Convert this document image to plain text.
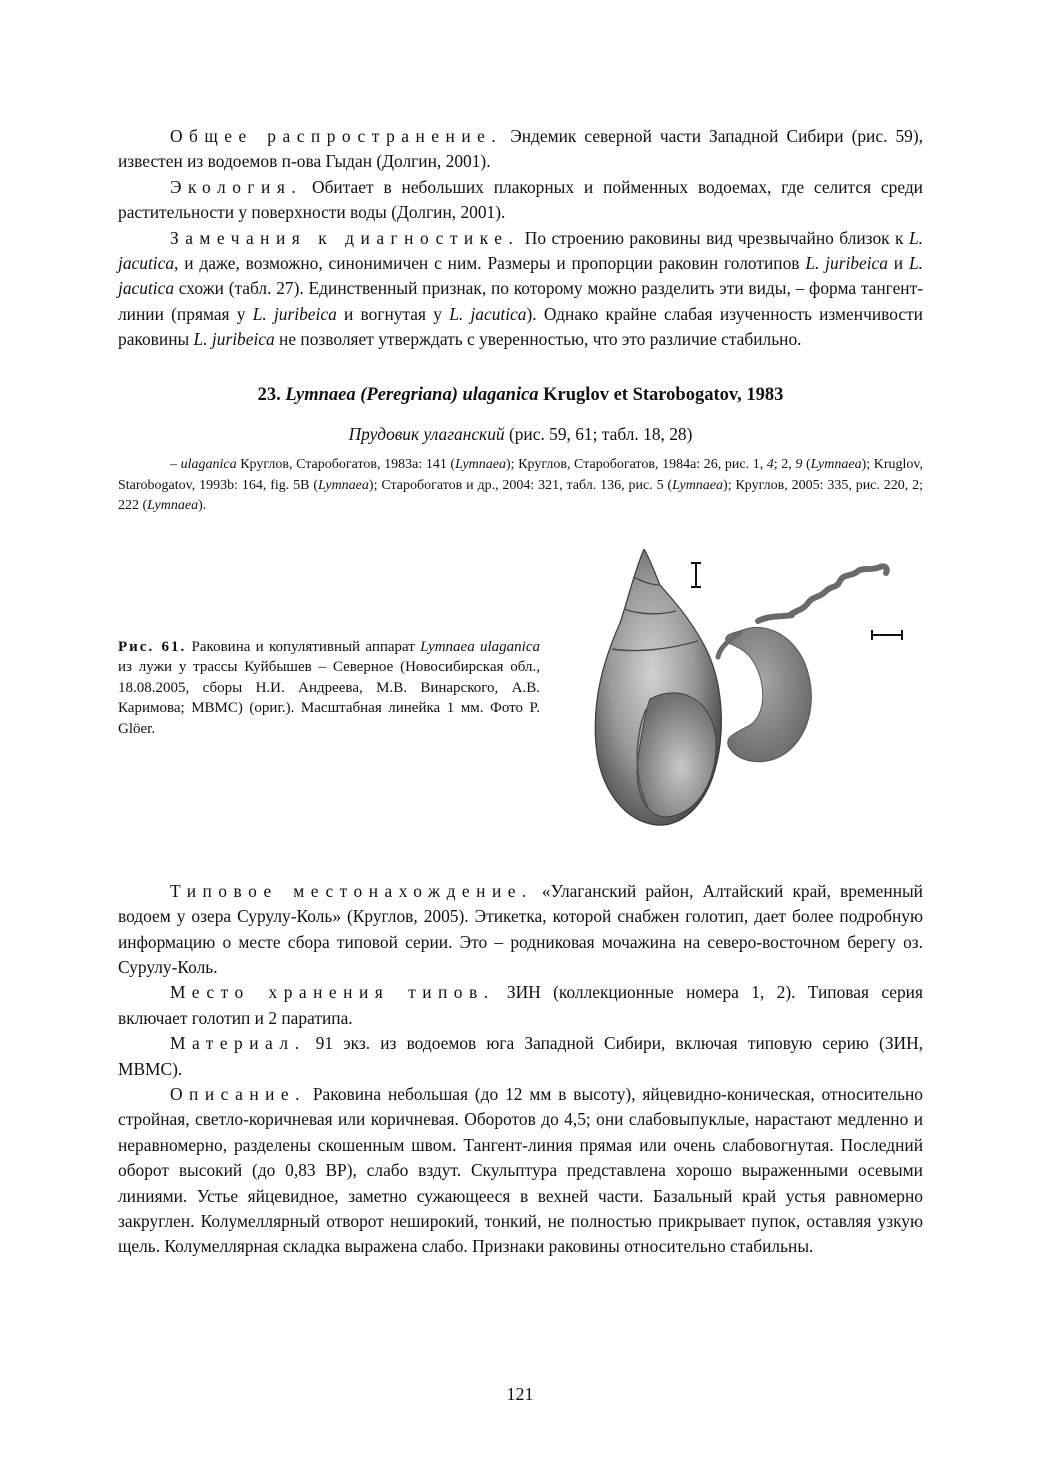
Общее распространение. Эндемик северной части Западной Сибири (рис. 59), известен из водоемов п-ова Гыдан (Долгин, 2001).

Экология. Обитает в небольших плакорных и пойменных водоемах, где селится среди растительности у поверхности воды (Долгин, 2001).

Замечания к диагностике. По строению раковины вид чрезвычайно близок к L. jacutica, и даже, возможно, синонимичен с ним. Размеры и пропорции раковин голотипов L. juribeica и L. jacutica схожи (табл. 27). Единственный признак, по которому можно разделить эти виды, – форма тангент-линии (прямая у L. juribeica и вогнутая у L. jacutica). Однако крайне слабая изученность изменчивости раковины L. juribeica не позволяет утверждать с уверенностью, что это различие стабильно.

23. Lymnaea (Peregriana) ulaganica Kruglov et Starobogatov, 1983

Прудовик улаганский (рис. 59, 61; табл. 18, 28)

– ulaganica Круглов, Старобогатов, 1983a: 141 (Lymnaea); Круглов, Старобогатов, 1984a: 26, рис. 1, 4; 2, 9 (Lymnaea); Kruglov, Starobogatov, 1993b: 164, fig. 5B (Lymnaea); Старобогатов и др., 2004: 321, табл. 136, рис. 5 (Lymnaea); Круглов, 2005: 335, рис. 220, 2; 222 (Lymnaea).

Рис. 61. Раковина и копулятивный аппарат Lymnaea ulaganica из лужи у трассы Куйбышев – Северное (Новосибирская обл., 18.08.2005, сборы Н.И. Андреева, М.В. Винарского, А.В. Каримова; МВМС) (ориг.). Масштабная линейка 1 мм. Фото P. Glöer.

Типовое местонахождение. «Улаганский район, Алтайский край, временный водоем у озера Сурулу-Коль» (Круглов, 2005). Этикетка, которой снабжен голотип, дает более подробную информацию о месте сбора типовой серии. Это – родниковая мочажина на северо-восточном берегу оз. Сурулу-Коль.

Место хранения типов. ЗИН (коллекционные номера 1, 2). Типовая серия включает голотип и 2 паратипа.

Материал. 91 экз. из водоемов юга Западной Сибири, включая типовую серию (ЗИН, МВМС).

Описание. Раковина небольшая (до 12 мм в высоту), яйцевидно-коническая, относительно стройная, светло-коричневая или коричневая. Оборотов до 4,5; они слабовыпуклые, нарастают медленно и неравномерно, разделены скошенным швом. Тангент-линия прямая или очень слабовогнутая. Последний оборот высокий (до 0,83 ВР), слабо вздут. Скульптура представлена хорошо выраженными осевыми линиями. Устье яйцевидное, заметно сужающееся в вехней части. Базальный край устья равномерно закруглен. Колумеллярный отворот неширокий, тонкий, не полностью прикрывает пупок, оставляя узкую щель. Колумеллярная складка выражена слабо. Признаки раковины относительно стабильны.

121
